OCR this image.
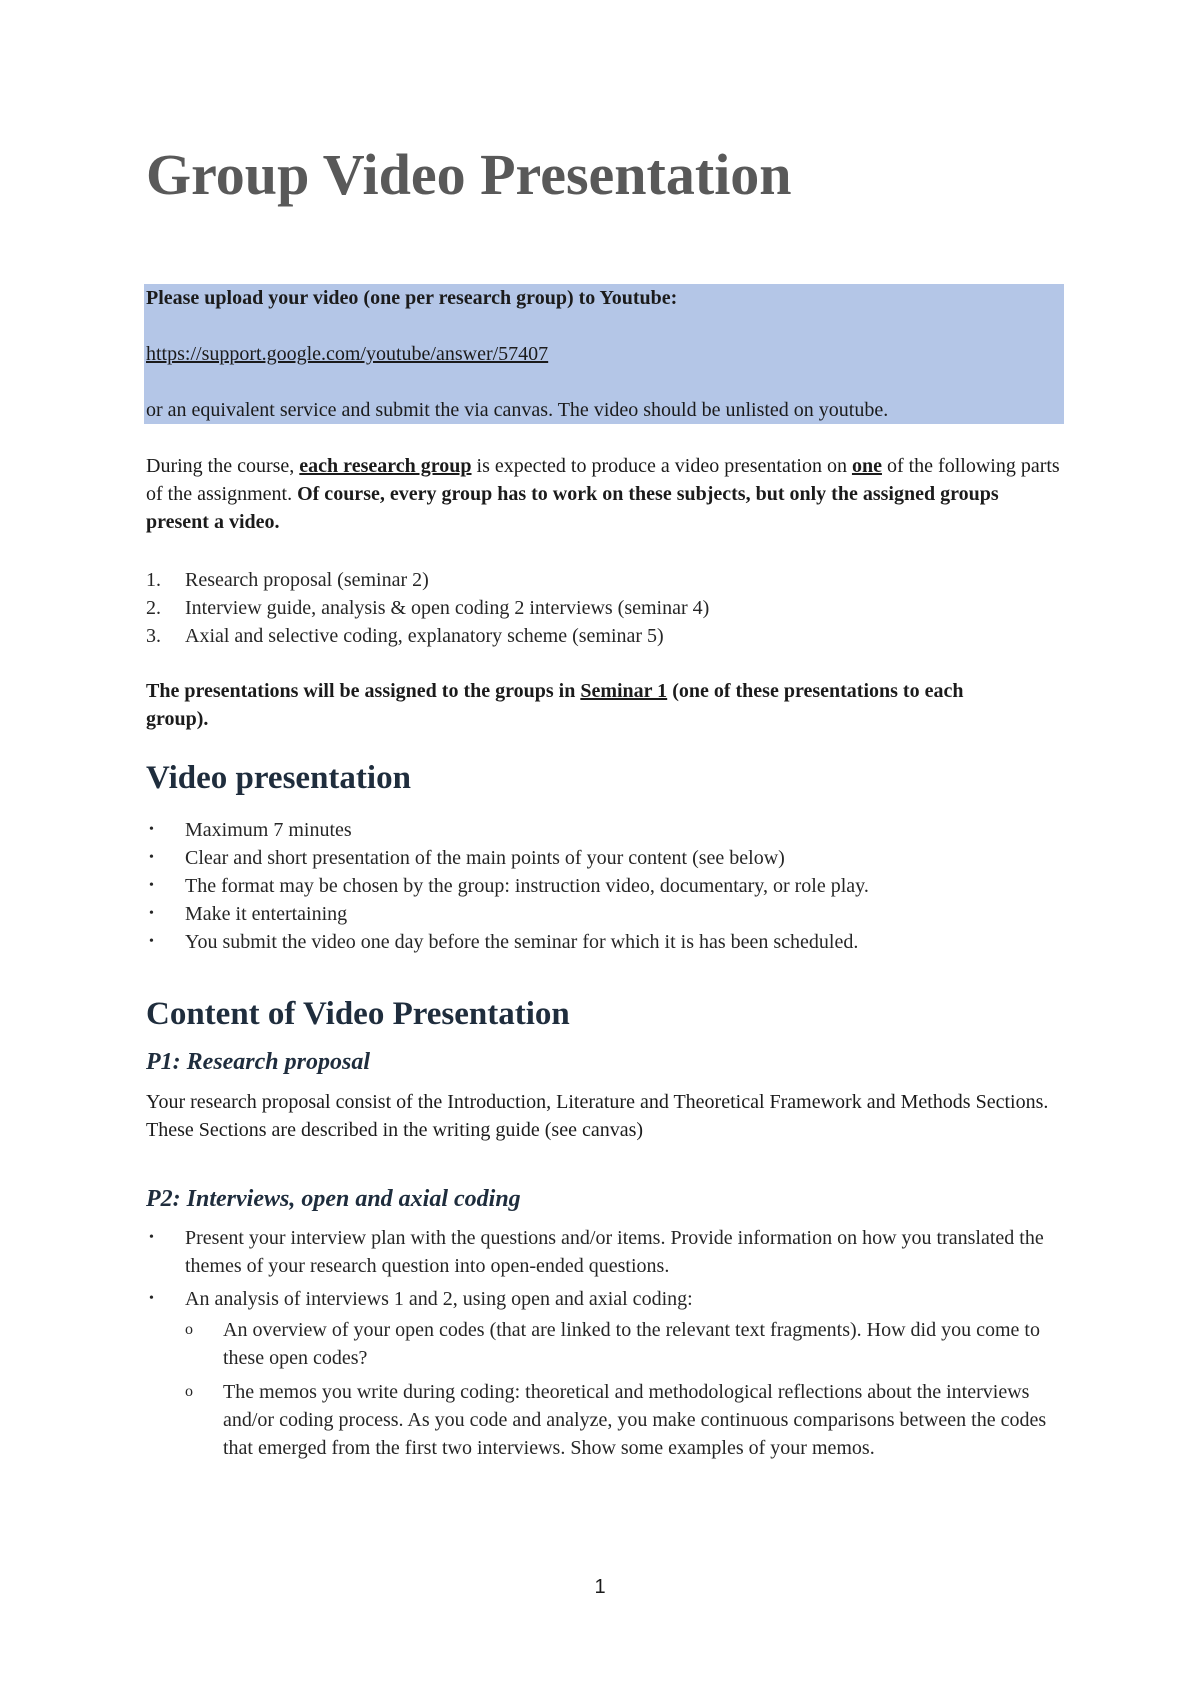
Group Video Presentation
Please upload your video (one per research group) to Youtube:
https://support.google.com/youtube/answer/57407
or an equivalent service and submit the via canvas. The video should be unlisted on youtube.

During the course, each research group is expected to produce a video presentation on one of the following parts of the assignment. Of course, every group has to work on these subjects, but only the assigned groups present a video.

1.	Research proposal (seminar 2)
2.	Interview guide, analysis & open coding 2 interviews (seminar 4)
3.	Axial and selective coding, explanatory scheme (seminar 5)

The presentations will be assigned to the groups in Seminar 1 (one of these presentations to each group).

Video presentation
•	Maximum 7 minutes
•	Clear and short presentation of the main points of your content (see below)
•	The format may be chosen by the group: instruction video, documentary, or role play.
•	Make it entertaining
•	You submit the video one day before the seminar for which it is has been scheduled.
Content of Video Presentation
P1: Research proposal

Your research proposal consist of the Introduction, Literature and Theoretical Framework and Methods Sections. These Sections are described in the writing guide (see canvas)

P2: Interviews, open and axial coding
•	Present your interview plan with the questions and/or items. Provide information on how you translated the themes of your research question into open-ended questions.
•	An analysis of interviews 1 and 2, using open and axial coding:
o	An overview of your open codes (that are linked to the relevant text fragments). How did you come to these open codes?
o	The memos you write during coding: theoretical and methodological reflections about the interviews and/or coding process. As you code and analyze, you make continuous comparisons between the codes that emerged from the first two interviews. Show some examples of your memos.
1
